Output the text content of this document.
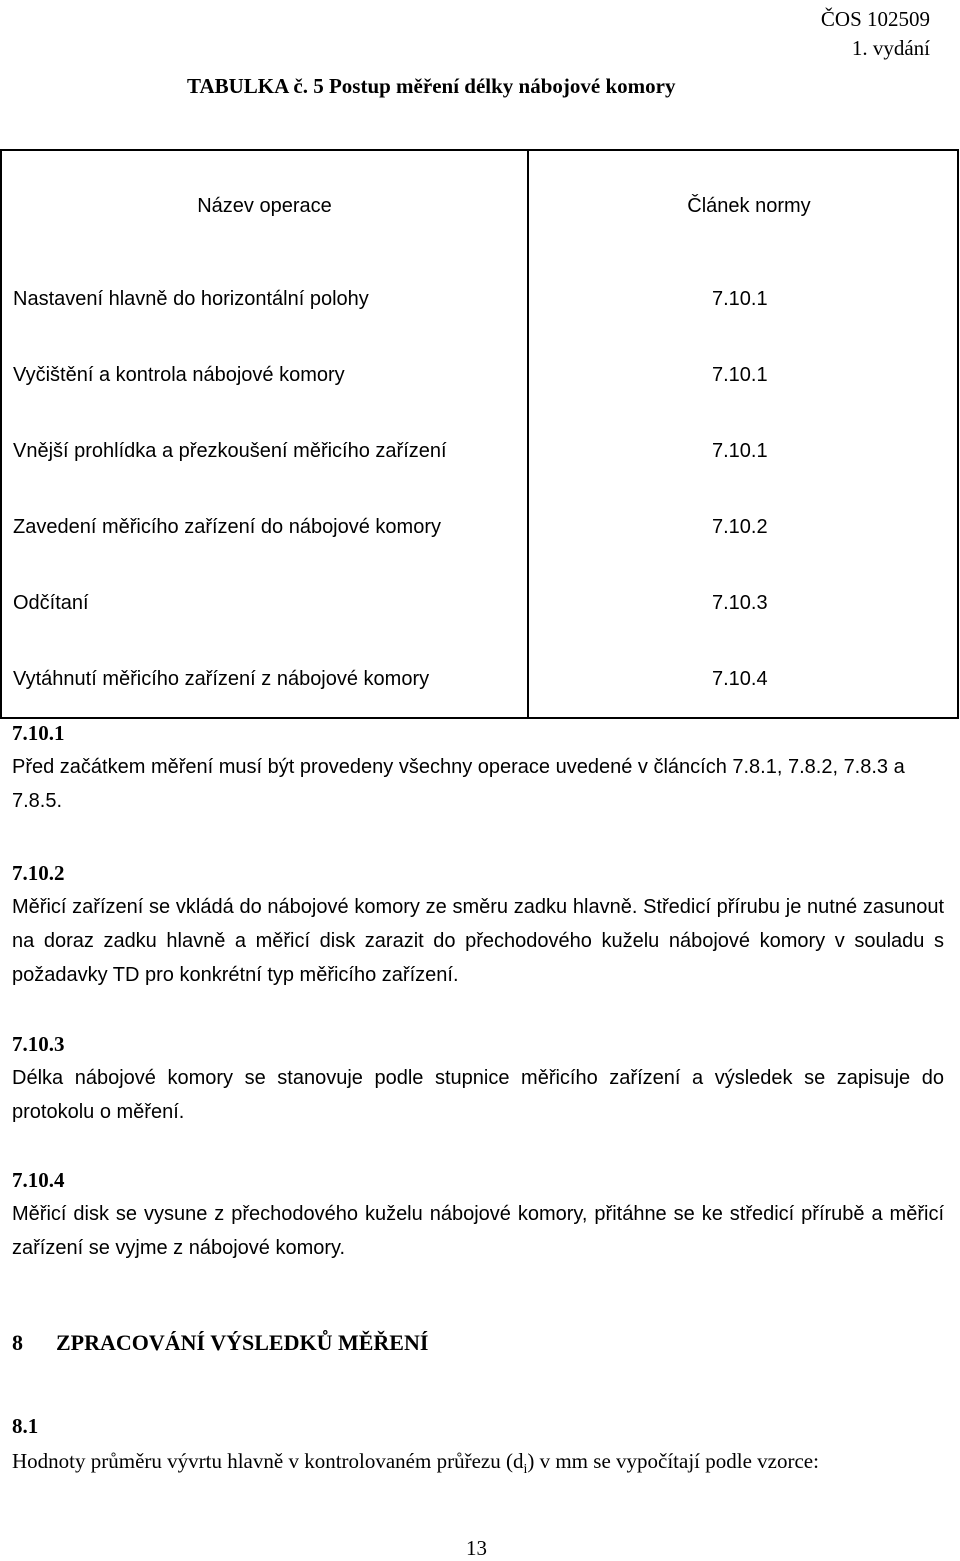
ČOS 102509
1. vydání
TABULKA č. 5 Postup měření délky nábojové komory
Název operace	Článek normy
Nastavení hlavně do horizontální polohy	7.10.1
Vyčištění a kontrola nábojové komory	7.10.1
Vnější prohlídka a přezkoušení měřicího zařízení	7.10.1
Zavedení měřicího zařízení do nábojové komory	7.10.2
Odčítaní	7.10.3
Vytáhnutí měřicího zařízení z nábojové komory	7.10.4
7.10.1
Před začátkem měření musí být provedeny všechny operace uvedené v článcích 7.8.1, 7.8.2, 7.8.3 a 7.8.5.
7.10.2
Měřicí zařízení se vkládá do nábojové komory ze směru zadku hlavně. Středicí přírubu je nutné zasunout na doraz zadku hlavně a měřicí disk zarazit do přechodového kuželu nábojové komory v souladu s požadavky TD pro konkrétní typ měřicího zařízení.
7.10.3
Délka nábojové komory se stanovuje podle stupnice měřicího zařízení a výsledek se zapisuje do protokolu o měření.
7.10.4
Měřicí disk se vysune z přechodového kuželu nábojové komory, přitáhne se ke středicí přírubě a měřicí zařízení se vyjme z nábojové komory.
8 ZPRACOVÁNÍ VÝSLEDKŮ MĚŘENÍ
8.1
Hodnoty průměru vývrtu hlavně v kontrolovaném průřezu $(d_i)$ v mm se vypočítají podle vzorce:
13
